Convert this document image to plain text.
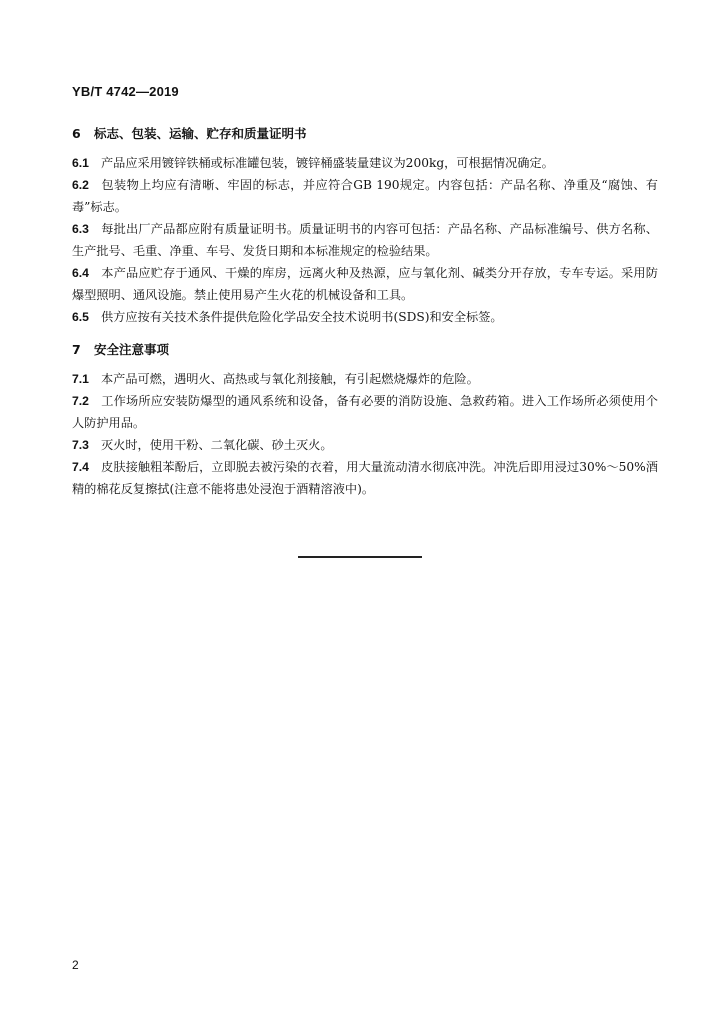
YB/T 4742—2019
6 标志、包装、运输、贮存和质量证明书
6.1 产品应采用镀锌铁桶或标准罐包装，镀锌桶盛装量建议为200kg，可根据情况确定。
6.2 包装物上均应有清晰、牢固的标志，并应符合GB 190规定。内容包括：产品名称、净重及“腐蚀、有毒”标志。
6.3 每批出厂产品都应附有质量证明书。质量证明书的内容可包括：产品名称、产品标准编号、供方名称、生产批号、毛重、净重、车号、发货日期和本标准规定的检验结果。
6.4 本产品应贮存于通风、干燥的库房，远离火种及热源，应与氧化剂、碱类分开存放，专车专运。采用防爆型照明、通风设施。禁止使用易产生火花的机械设备和工具。
6.5 供方应按有关技术条件提供危险化学品安全技术说明书(SDS)和安全标签。
7 安全注意事项
7.1 本产品可燃，遇明火、高热或与氧化剂接触，有引起燃烧爆炸的危险。
7.2 工作场所应安装防爆型的通风系统和设备，备有必要的消防设施、急救药箱。进入工作场所必须使用个人防护用品。
7.3 灭火时，使用干粉、二氧化碳、砂土灭火。
7.4 皮肤接触粗苯酚后，立即脱去被污染的衣着，用大量流动清水彻底冲洗。冲洗后即用浸过30%～50%酒精的棉花反复擦拭(注意不能将患处浸泡于酒精溶液中)。
2
